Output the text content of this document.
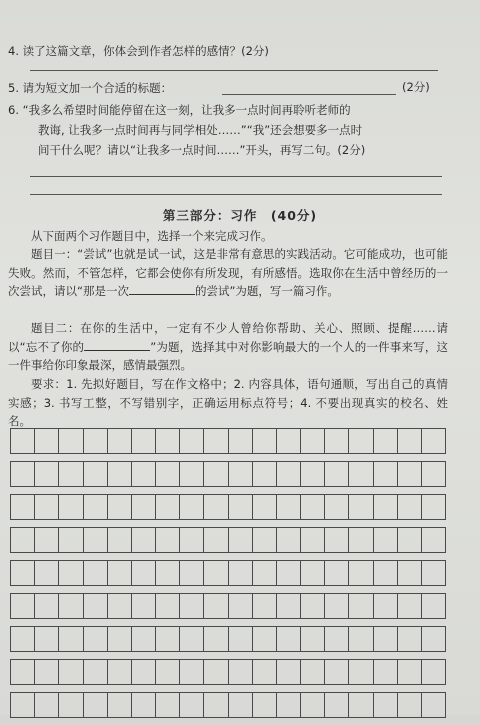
4. 读了这篇文章，你体会到作者怎样的感情？(2分)
5. 请为短文加一个合适的标题：	(2分)
6. “我多么希望时间能停留在这一刻，让我多一点时间再聆听老师的
教诲, 让我多一点时间再与同学相处……”“我”还会想要多一点时
间干什么呢？请以“让我多一点时间……”开头，再写二句。(2分)
第三部分：习作　(40分)
从下面两个习作题目中，选择一个来完成习作。
题目一：“尝试”也就是试一试，这是非常有意思的实践活动。它可能成功，也可能失败。然而，不管怎样，它都会使你有所发现，有所感悟。选取你在生活中曾经历的一次尝试，请以“那是一次	的尝试”为题，写一篇习作。
题目二：在你的生活中，一定有不少人曾给你帮助、关心、照顾、提醒……请以“忘不了你的	”为题，选择其中对你影响最大的一个人的一件事来写，这一件事给你印象最深，感情最强烈。
要求：1. 先拟好题目，写在作文格中；2. 内容具体，语句通顺，写出自己的真情实感；3. 书写工整，不写错别字，正确运用标点符号；4. 不要出现真实的校名、姓名。
